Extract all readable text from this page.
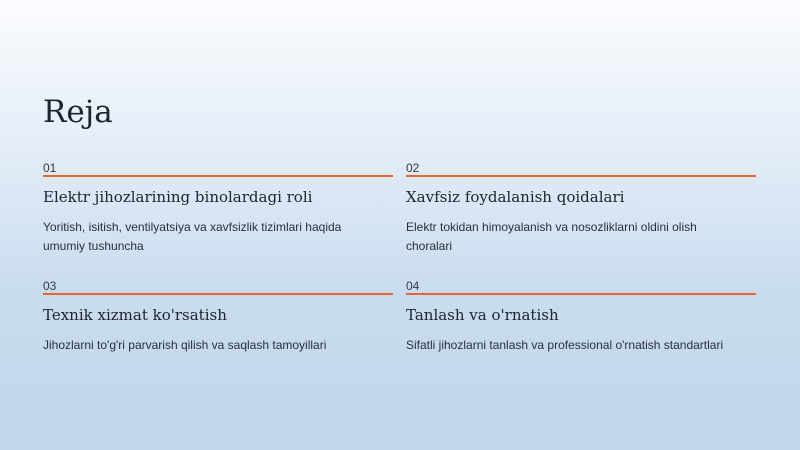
Reja
01
Elektr jihozlarining binolardagi roli

Yoritish, isitish, ventilyatsiya va xavfsizlik tizimlari haqida umumiy tushuncha

02
Xavfsiz foydalanish qoidalari

Elektr tokidan himoyalanish va nosozliklarni oldini olish choralari

03
Texnik xizmat ko'rsatish

Jihozlarni to'g'ri parvarish qilish va saqlash tamoyillari

04
Tanlash va o'rnatish

Sifatli jihozlarni tanlash va professional o'rnatish standartlari
